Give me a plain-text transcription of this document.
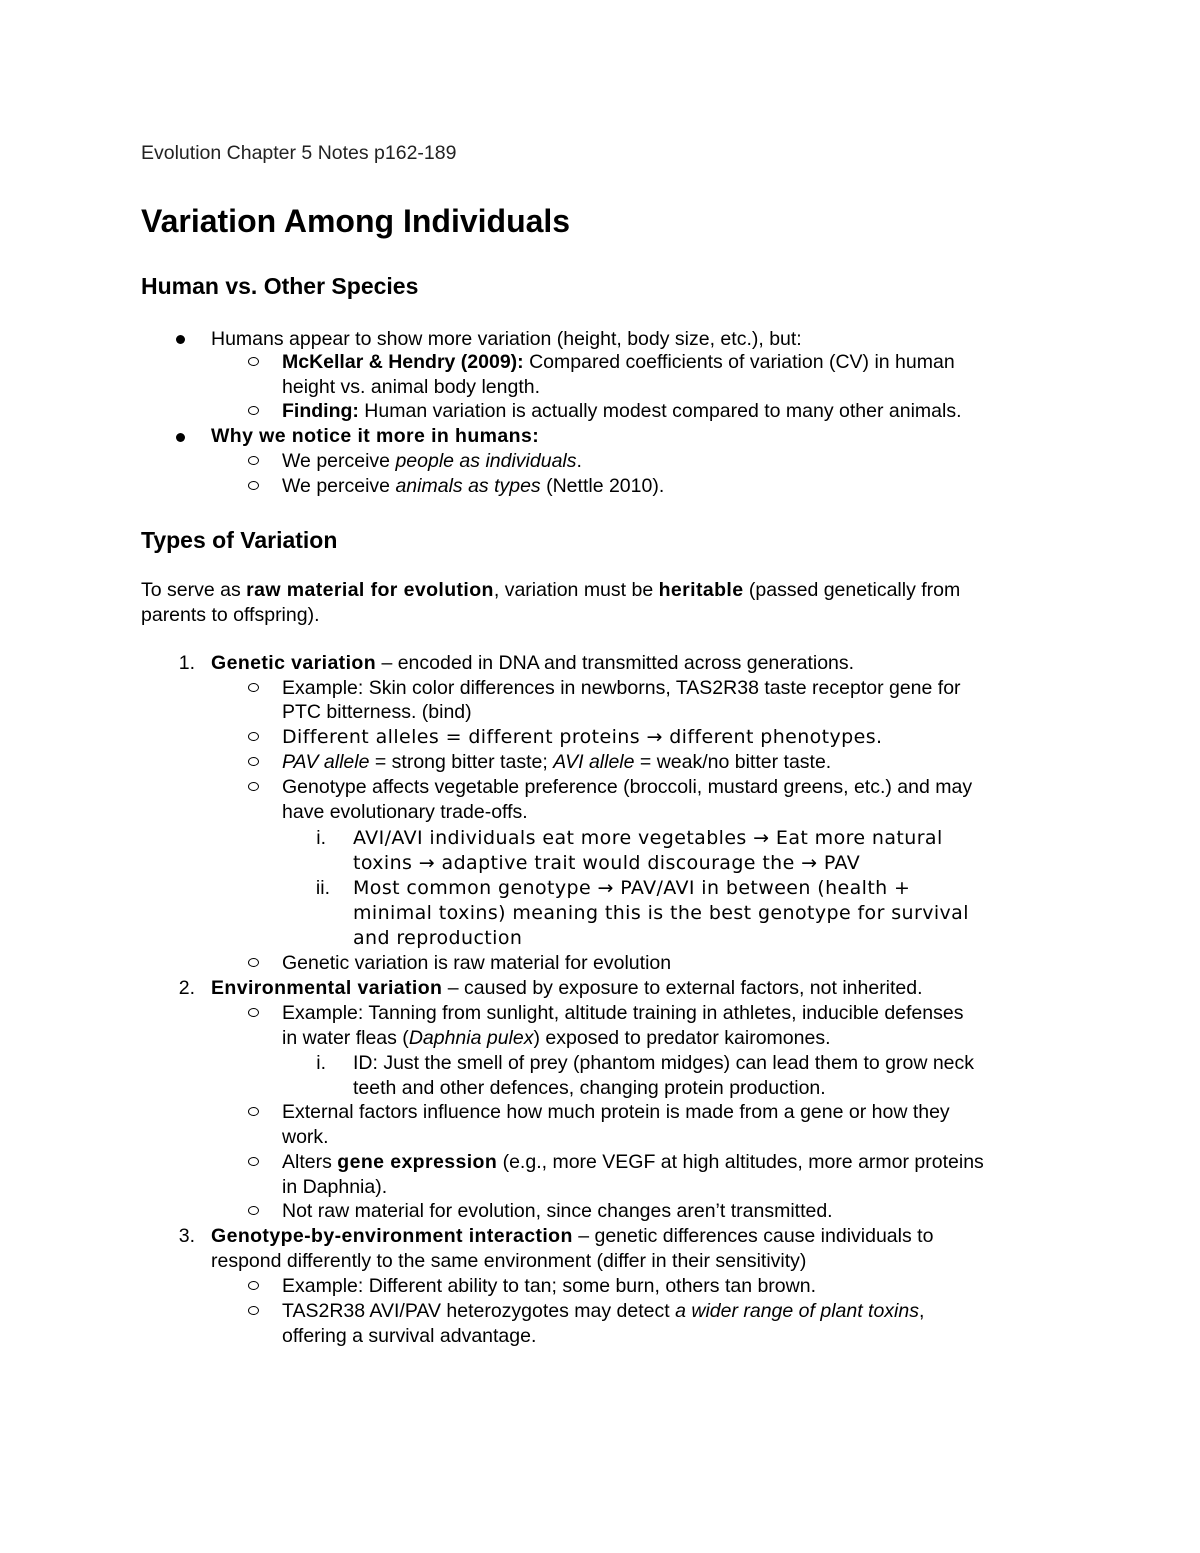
Evolution Chapter 5 Notes p162-189
Variation Among Individuals
Human vs. Other Species
Humans appear to show more variation (height, body size, etc.), but:
McKellar & Hendry (2009): Compared coefficients of variation (CV) in human
height vs. animal body length.
Finding: Human variation is actually modest compared to many other animals.
Why we notice it more in humans:
We perceive people as individuals.
We perceive animals as types (Nettle 2010).
Types of Variation
To serve as raw material for evolution, variation must be heritable (passed genetically from
parents to offspring).
1. Genetic variation – encoded in DNA and transmitted across generations.
Example: Skin color differences in newborns, TAS2R38 taste receptor gene for
PTC bitterness. (bind)
Different alleles = different proteins → different phenotypes.
PAV allele = strong bitter taste; AVI allele = weak/no bitter taste.
Genotype affects vegetable preference (broccoli, mustard greens, etc.) and may
have evolutionary trade-offs.
i. AVI/AVI individuals eat more vegetables → Eat more natural
toxins → adaptive trait would discourage the → PAV
ii. Most common genotype → PAV/AVI in between (health +
minimal toxins) meaning this is the best genotype for survival
and reproduction
Genetic variation is raw material for evolution
2. Environmental variation – caused by exposure to external factors, not inherited.
Example: Tanning from sunlight, altitude training in athletes, inducible defenses
in water fleas (Daphnia pulex) exposed to predator kairomones.
i. ID: Just the smell of prey (phantom midges) can lead them to grow neck
teeth and other defences, changing protein production.
External factors influence how much protein is made from a gene or how they
work.
Alters gene expression (e.g., more VEGF at high altitudes, more armor proteins
in Daphnia).
Not raw material for evolution, since changes aren’t transmitted.
3. Genotype-by-environment interaction – genetic differences cause individuals to
respond differently to the same environment (differ in their sensitivity)
Example: Different ability to tan; some burn, others tan brown.
TAS2R38 AVI/PAV heterozygotes may detect a wider range of plant toxins,
offering a survival advantage.
